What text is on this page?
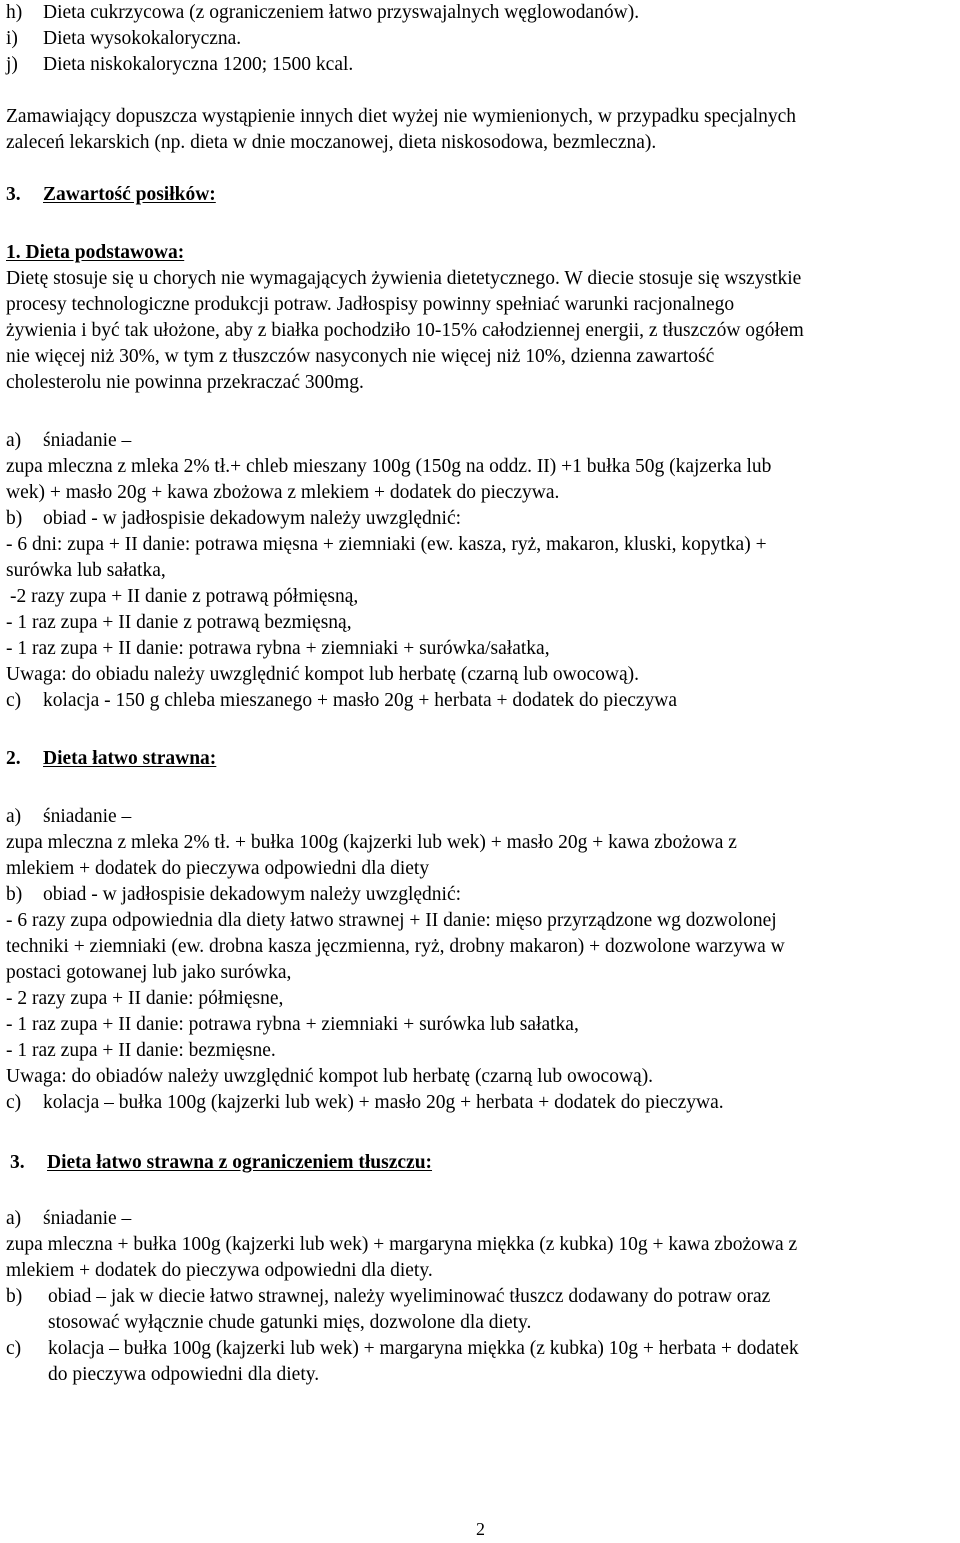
h) Dieta cukrzycowa (z ograniczeniem łatwo przyswajalnych węglowodanów).
i) Dieta wysokokaloryczna.
j) Dieta niskokaloryczna 1200; 1500 kcal.

Zamawiający dopuszcza wystąpienie innych diet wyżej nie wymienionych, w przypadku specjalnych

zaleceń lekarskich (np. dieta w dnie moczanowej, dieta niskosodowa, bezmleczna).

3. Zawartość posiłków:

1. Dieta podstawowa:

Dietę stosuje się u chorych nie wymagających żywienia dietetycznego. W diecie stosuje się wszystkie

procesy technologiczne produkcji potraw. Jadłospisy powinny spełniać warunki racjonalnego

żywienia i być tak ułożone, aby z białka pochodziło 10-15% całodziennej energii, z tłuszczów ogółem

nie więcej niż 30%, w tym z tłuszczów nasyconych nie więcej niż 10%, dzienna zawartość

cholesterolu nie powinna przekraczać 300mg.

a) śniadanie –

zupa mleczna z mleka 2% tł.+ chleb mieszany 100g (150g na oddz. II) +1 bułka 50g (kajzerka lub

wek) + masło 20g + kawa zbożowa z mlekiem + dodatek do pieczywa.

b) obiad - w jadłospisie dekadowym należy uwzględnić:

- 6 dni: zupa + II danie: potrawa mięsna + ziemniaki (ew. kasza, ryż, makaron, kluski, kopytka) +

surówka lub sałatka,

-2 razy zupa + II danie z potrawą półmięsną,

- 1 raz zupa + II danie z potrawą bezmięsną,

- 1 raz zupa + II danie: potrawa rybna + ziemniaki + surówka/sałatka,

Uwaga: do obiadu należy uwzględnić kompot lub herbatę (czarną lub owocową).

c) kolacja - 150 g chleba mieszanego + masło 20g + herbata + dodatek do pieczywa
2. Dieta łatwo strawna:
a) śniadanie –

zupa mleczna z mleka 2% tł. + bułka 100g (kajzerki lub wek) + masło 20g + kawa zbożowa z

mlekiem + dodatek do pieczywa odpowiedni dla diety

b) obiad - w jadłospisie dekadowym należy uwzględnić:

- 6 razy zupa odpowiednia dla diety łatwo strawnej + II danie: mięso przyrządzone wg dozwolonej

techniki + ziemniaki (ew. drobna kasza jęczmienna, ryż, drobny makaron) + dozwolone warzywa w

postaci gotowanej lub jako surówka,

- 2 razy zupa + II danie: półmięsne,

- 1 raz zupa + II danie: potrawa rybna + ziemniaki + surówka lub sałatka,

- 1 raz zupa + II danie: bezmięsne.

Uwaga: do obiadów należy uwzględnić kompot lub herbatę (czarną lub owocową).

c) kolacja – bułka 100g (kajzerki lub wek) + masło 20g + herbata + dodatek do pieczywa.
3. Dieta łatwo strawna z ograniczeniem tłuszczu:
a) śniadanie –

zupa mleczna + bułka 100g (kajzerki lub wek) + margaryna miękka (z kubka) 10g + kawa zbożowa z

mlekiem + dodatek do pieczywa odpowiedni dla diety.

b) obiad – jak w diecie łatwo strawnej, należy wyeliminować tłuszcz dodawany do potraw oraz

stosować wyłącznie chude gatunki mięs, dozwolone dla diety.

c) kolacja – bułka 100g (kajzerki lub wek) + margaryna miękka (z kubka) 10g + herbata + dodatek

do pieczywa odpowiedni dla diety.

2
